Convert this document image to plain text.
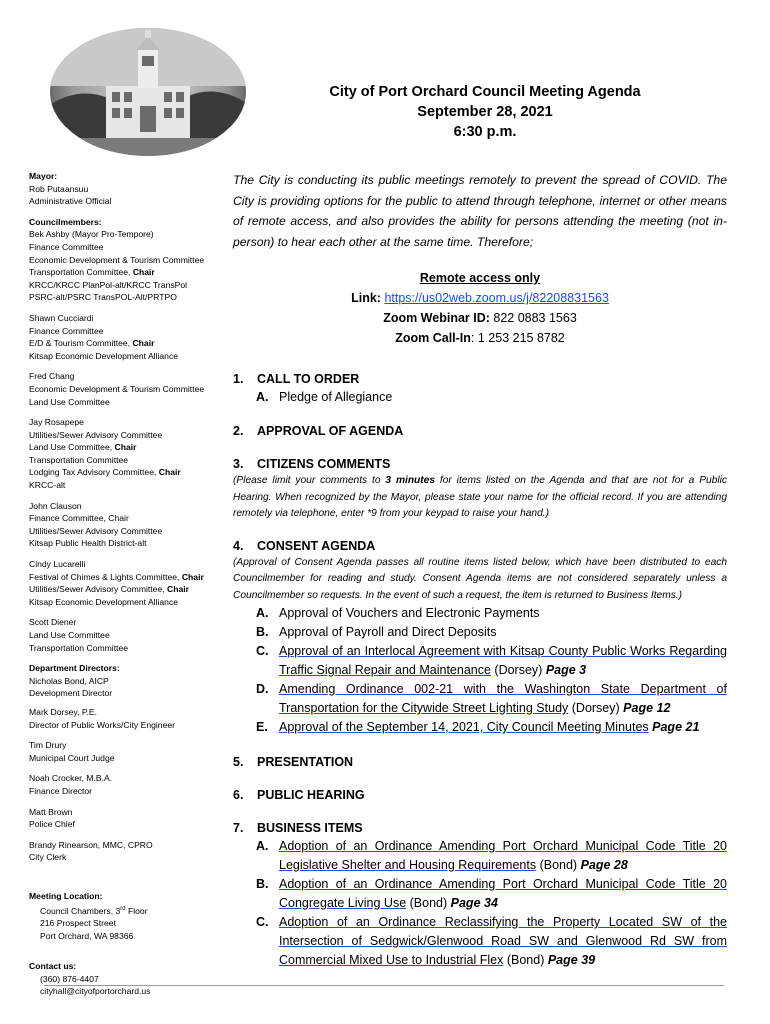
City of Port Orchard Council Meeting Agenda
September 28, 2021
6:30 p.m.
Mayor:
Rob Putaansuu
Administrative Official
Councilmembers:
Bek Ashby (Mayor Pro-Tempore)
Finance Committee
Economic Development & Tourism Committee
Transportation Committee, Chair
KRCC/KRCC PlanPol-alt/KRCC TransPol
PSRC-alt/PSRC TransPOL-Alt/PRTPO
Shawn Cucciardi
Finance Committee
E/D & Tourism Committee, Chair
Kitsap Economic Development Alliance
Fred Chang
Economic Development & Tourism Committee
Land Use Committee
Jay Rosapepe
Utilities/Sewer Advisory Committee
Land Use Committee, Chair
Transportation Committee
Lodging Tax Advisory Committee, Chair
KRCC-alt
John Clauson
Finance Committee, Chair
Utilities/Sewer Advisory Committee
Kitsap Public Health District-alt
Cindy Lucarelli
Festival of Chimes & Lights Committee, Chair
Utilities/Sewer Advisory Committee, Chair
Kitsap Economic Development Alliance
Scott Diener
Land Use Committee
Transportation Committee
Department Directors:
Nicholas Bond, AICP
Development Director
Mark Dorsey, P.E.
Director of Public Works/City Engineer
Tim Drury
Municipal Court Judge
Noah Crocker, M.B.A.
Finance Director
Matt Brown
Police Chief
Brandy Rinearson, MMC, CPRO
City Clerk
Meeting Location:
Council Chambers, 3rd Floor
216 Prospect Street
Port Orchard, WA 98366
Contact us:
(360) 876-4407
cityhall@cityofportorchard.us
The City is conducting its public meetings remotely to prevent the spread of COVID. The City is providing options for the public to attend through telephone, internet or other means of remote access, and also provides the ability for persons attending the meeting (not in-person) to hear each other at the same time. Therefore;
Remote access only
Link: https://us02web.zoom.us/j/82208831563
Zoom Webinar ID: 822 0883 1563
Zoom Call-In: 1 253 215 8782
1. CALL TO ORDER
A. Pledge of Allegiance
2. APPROVAL OF AGENDA
3. CITIZENS COMMENTS
(Please limit your comments to 3 minutes for items listed on the Agenda and that are not for a Public Hearing. When recognized by the Mayor, please state your name for the official record. If you are attending remotely via telephone, enter *9 from your keypad to raise your hand.)
4. CONSENT AGENDA
(Approval of Consent Agenda passes all routine items listed below, which have been distributed to each Councilmember for reading and study. Consent Agenda items are not considered separately unless a Councilmember so requests. In the event of such a request, the item is returned to Business Items.)
A. Approval of Vouchers and Electronic Payments
B. Approval of Payroll and Direct Deposits
C. Approval of an Interlocal Agreement with Kitsap County Public Works Regarding Traffic Signal Repair and Maintenance (Dorsey) Page 3
D. Amending Ordinance 002-21 with the Washington State Department of Transportation for the Citywide Street Lighting Study (Dorsey) Page 12
E. Approval of the September 14, 2021, City Council Meeting Minutes Page 21
5. PRESENTATION
6. PUBLIC HEARING
7. BUSINESS ITEMS
A. Adoption of an Ordinance Amending Port Orchard Municipal Code Title 20 Legislative Shelter and Housing Requirements (Bond) Page 28
B. Adoption of an Ordinance Amending Port Orchard Municipal Code Title 20 Congregate Living Use (Bond) Page 34
C. Adoption of an Ordinance Reclassifying the Property Located SW of the Intersection of Sedgwick/Glenwood Road SW and Glenwood Rd SW from Commercial Mixed Use to Industrial Flex (Bond) Page 39
